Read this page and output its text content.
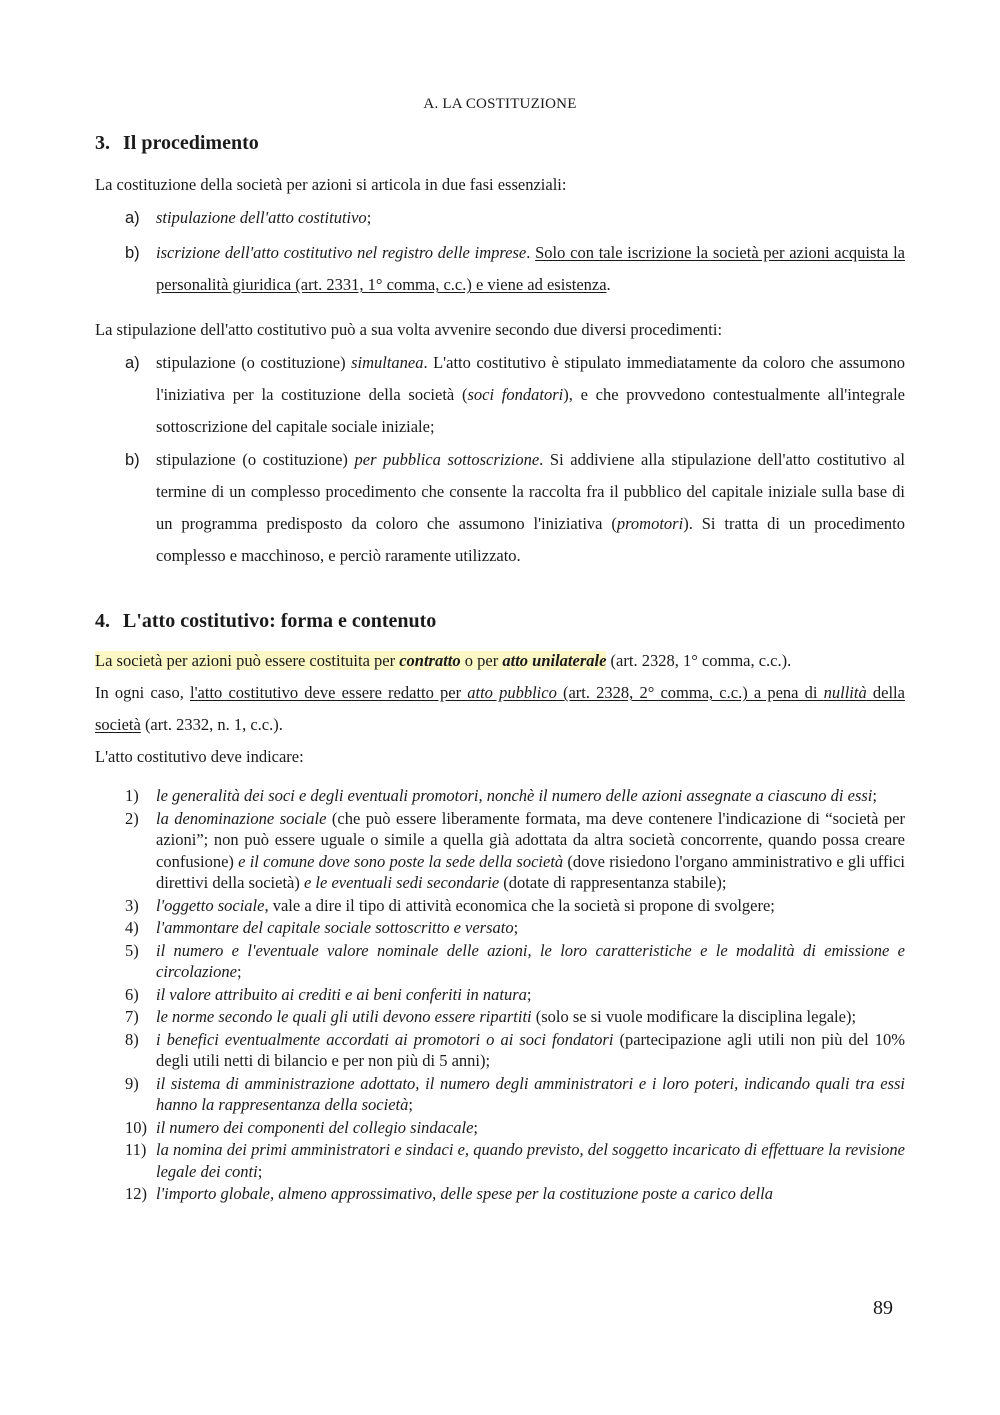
A. LA COSTITUZIONE
3. Il procedimento

La costituzione della società per azioni si articola in due fasi essenziali:

a) stipulazione dell'atto costitutivo;
b) iscrizione dell'atto costitutivo nel registro delle imprese. Solo con tale iscrizione la società per azioni acquista la personalità giuridica (art. 2331, 1° comma, c.c.) e viene ad esistenza.

La stipulazione dell'atto costitutivo può a sua volta avvenire secondo due diversi procedimenti:

a) stipulazione (o costituzione) simultanea. L'atto costitutivo è stipulato immediatamente da coloro che assumono l'iniziativa per la costituzione della società (soci fondatori), e che provvedono contestualmente all'integrale sottoscrizione del capitale sociale iniziale;
b) stipulazione (o costituzione) per pubblica sottoscrizione. Si addiviene alla stipulazione dell'atto costitutivo al termine di un complesso procedimento che consente la raccolta fra il pubblico del capitale iniziale sulla base di un programma predisposto da coloro che assumono l'iniziativa (promotori). Si tratta di un procedimento complesso e macchinoso, e perciò raramente utilizzato.
4. L'atto costitutivo: forma e contenuto

La società per azioni può essere costituita per contratto o per atto unilaterale (art. 2328, 1° comma, c.c.).

In ogni caso, l'atto costitutivo deve essere redatto per atto pubblico (art. 2328, 2° comma, c.c.) a pena di nullità della società (art. 2332, n. 1, c.c.).

L'atto costitutivo deve indicare:

1) le generalità dei soci e degli eventuali promotori, nonchè il numero delle azioni assegnate a ciascuno di essi;
2) la denominazione sociale (che può essere liberamente formata, ma deve contenere l'indicazione di “società per azioni”; non può essere uguale o simile a quella già adottata da altra società concorrente, quando possa creare confusione) e il comune dove sono poste la sede della società (dove risiedono l'organo amministrativo e gli uffici direttivi della società) e le eventuali sedi secondarie (dotate di rappresentanza stabile);
3) l'oggetto sociale, vale a dire il tipo di attività economica che la società si propone di svolgere;
4) l'ammontare del capitale sociale sottoscritto e versato;
5) il numero e l'eventuale valore nominale delle azioni, le loro caratteristiche e le modalità di emissione e circolazione;
6) il valore attribuito ai crediti e ai beni conferiti in natura;
7) le norme secondo le quali gli utili devono essere ripartiti (solo se si vuole modificare la disciplina legale);
8) i benefici eventualmente accordati ai promotori o ai soci fondatori (partecipazione agli utili non più del 10% degli utili netti di bilancio e per non più di 5 anni);
9) il sistema di amministrazione adottato, il numero degli amministratori e i loro poteri, indicando quali tra essi hanno la rappresentanza della società;
10) il numero dei componenti del collegio sindacale;
11) la nomina dei primi amministratori e sindaci e, quando previsto, del soggetto incaricato di effettuare la revisione legale dei conti;
12) l'importo globale, almeno approssimativo, delle spese per la costituzione poste a carico della
89
